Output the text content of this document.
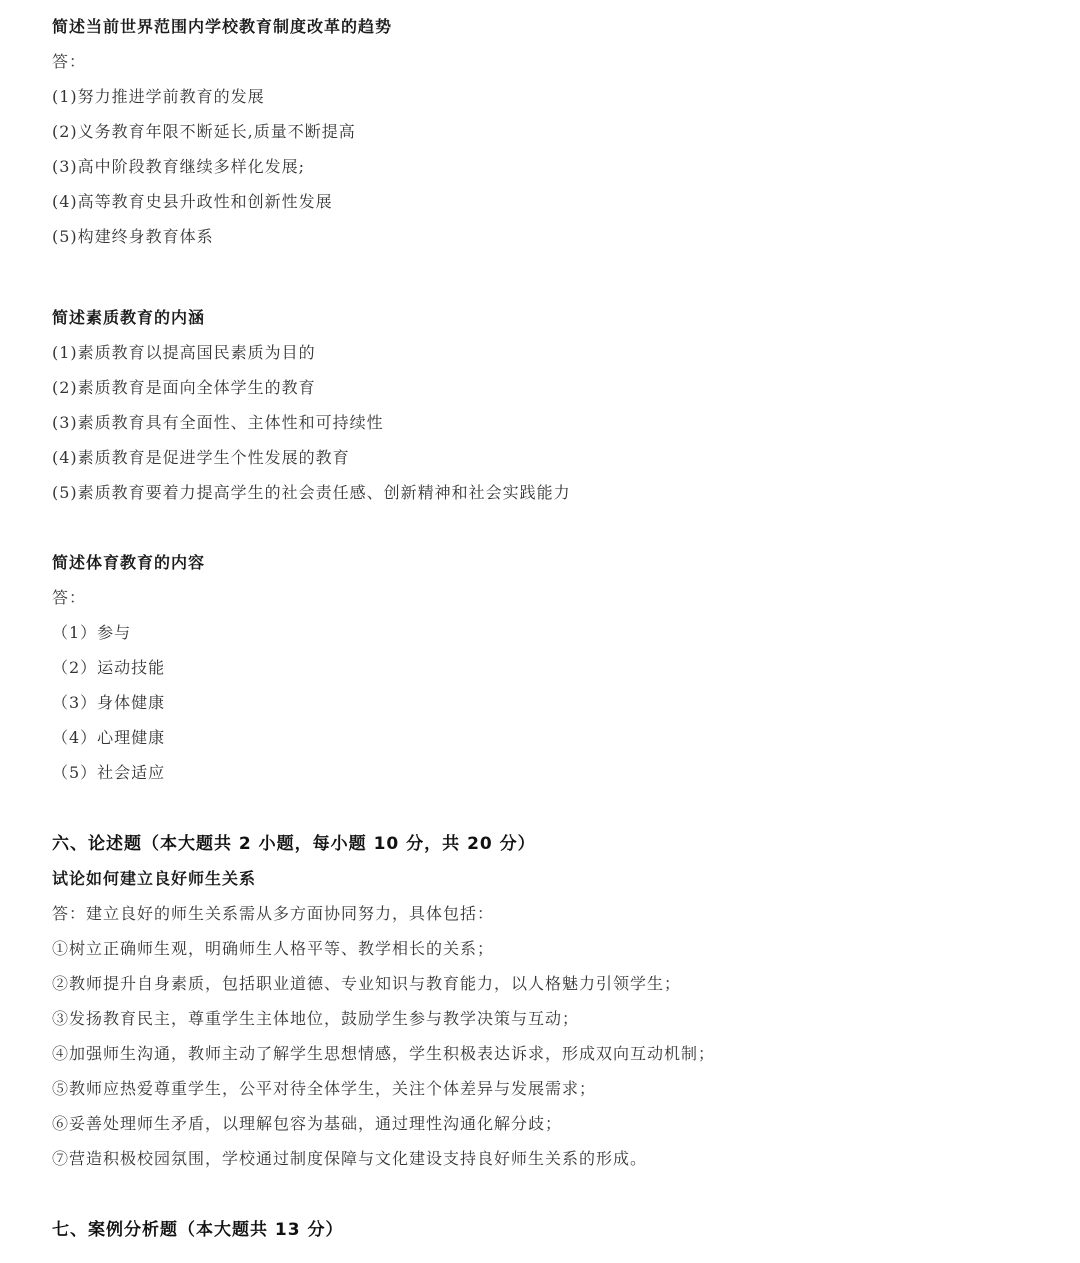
简述当前世界范围内学校教育制度改革的趋势
答：
(1)努力推进学前教育的发展
(2)义务教育年限不断延长,质量不断提高
(3)高中阶段教育继续多样化发展;
(4)高等教育史县升政性和创新性发展
(5)构建终身教育体系
简述素质教育的内涵
(1)素质教育以提高国民素质为目的
(2)素质教育是面向全体学生的教育
(3)素质教育具有全面性、主体性和可持续性
(4)素质教育是促进学生个性发展的教育
(5)素质教育要着力提高学生的社会责任感、创新精神和社会实践能力
简述体育教育的内容
答：
（1）参与
（2）运动技能
（3）身体健康
（4）心理健康
（5）社会适应
六、论述题（本大题共 2 小题，每小题 10 分，共 20 分）
试论如何建立良好师生关系
答：建立良好的师生关系需从多方面协同努力，具体包括：
①树立正确师生观，明确师生人格平等、教学相长的关系；
②教师提升自身素质，包括职业道德、专业知识与教育能力，以人格魅力引领学生；
③发扬教育民主，尊重学生主体地位，鼓励学生参与教学决策与互动；
④加强师生沟通，教师主动了解学生思想情感，学生积极表达诉求，形成双向互动机制；
⑤教师应热爱尊重学生，公平对待全体学生，关注个体差异与发展需求；
⑥妥善处理师生矛盾，以理解包容为基础，通过理性沟通化解分歧；
⑦营造积极校园氛围，学校通过制度保障与文化建设支持良好师生关系的形成。
七、案例分析题（本大题共 13 分）
